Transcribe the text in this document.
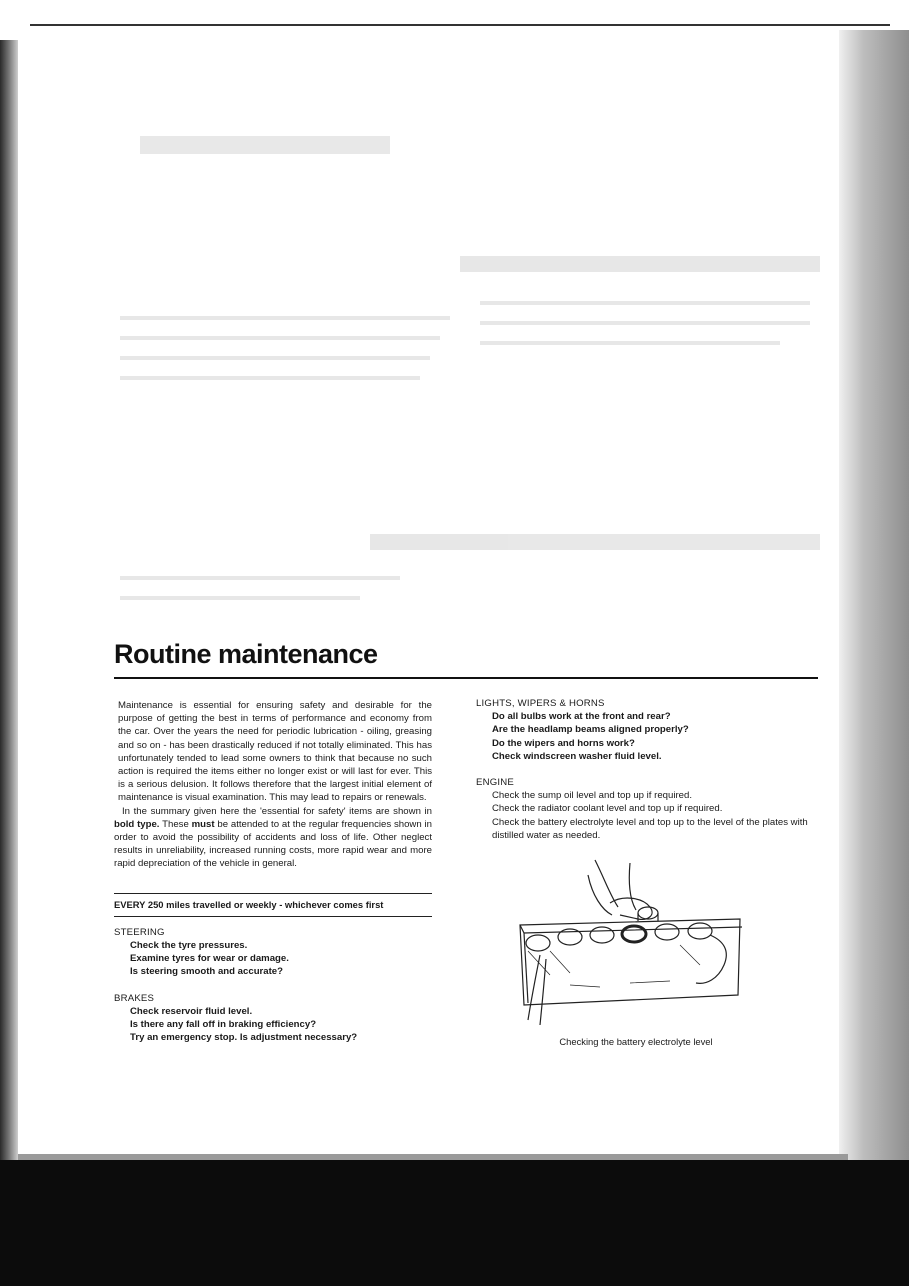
Routine maintenance

Maintenance is essential for ensuring safety and desirable for the purpose of getting the best in terms of performance and economy from the car. Over the years the need for periodic lubrication - oiling, greasing and so on - has been drastically reduced if not totally eliminated. This has unfortunately tended to lead some owners to think that because no such action is required the items either no longer exist or will last for ever. This is a serious delusion. It follows therefore that the largest initial element of maintenance is visual examination. This may lead to repairs or renewals.

In the summary given here the 'essential for safety' items are shown in bold type. These must be attended to at the regular frequencies shown in order to avoid the possibility of accidents and loss of life. Other neglect results in unreliability, increased running costs, more rapid wear and more rapid depreciation of the vehicle in general.

EVERY 250 miles travelled or weekly - whichever comes first

STEERING

Check the tyre pressures.

Examine tyres for wear or damage.

Is steering smooth and accurate?

BRAKES

Check reservoir fluid level.

Is there any fall off in braking efficiency?

Try an emergency stop. Is adjustment necessary?

LIGHTS, WIPERS & HORNS

Do all bulbs work at the front and rear?

Are the headlamp beams aligned properly?

Do the wipers and horns work?

Check windscreen washer fluid level.

ENGINE

Check the sump oil level and top up if required.

Check the radiator coolant level and top up if required.

Check the battery electrolyte level and top up to the level of the plates with distilled water as needed.

Checking the battery electrolyte level
